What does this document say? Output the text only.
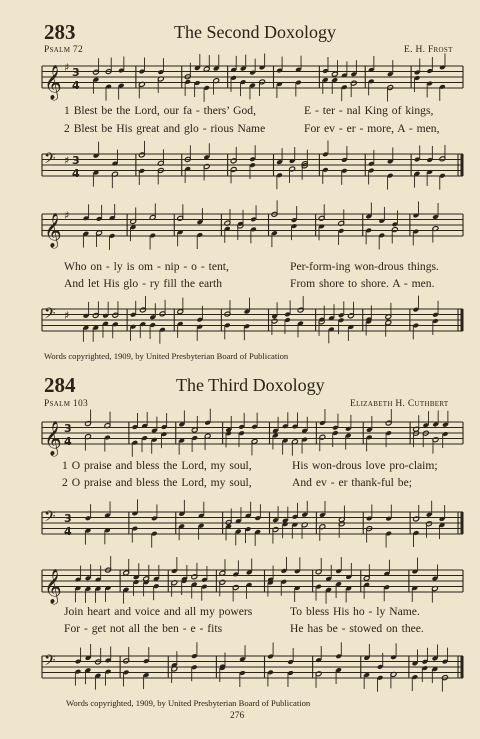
283	The Second Doxology
Psalm 72	E. H. Frost
𝄞 ♯ 3
4
1 Blest be the Lord, our fa - thers’ God,	E - ter - nal King of kings,
2 Blest be His great and glo - rious Name	For ev - er - more, A - men,
𝄢 ♯ 3
4
𝄞 ♯
Who on - ly is om - nip - o - tent,	Per-form-ing won-drous things.
And let His glo - ry fill the earth	From shore to shore. A - men.
𝄢 ♯
Words copyrighted, 1909, by United Presbyterian Board of Publication
284	The Third Doxology
Psalm 103	Elizabeth H. Cuthbert
𝄞 3
4
1 O praise and bless the Lord, my soul,	His won-drous love pro-claim;
2 O praise and bless the Lord, my soul,	And ev - er thank-ful be;
𝄢 3
4
𝄞
Join heart and voice and all my powers	To bless His ho - ly Name.
For - get not all the ben - e - fits	He has be - stowed on thee.
𝄢
Words copyrighted, 1909, by United Presbyterian Board of Publication
276
